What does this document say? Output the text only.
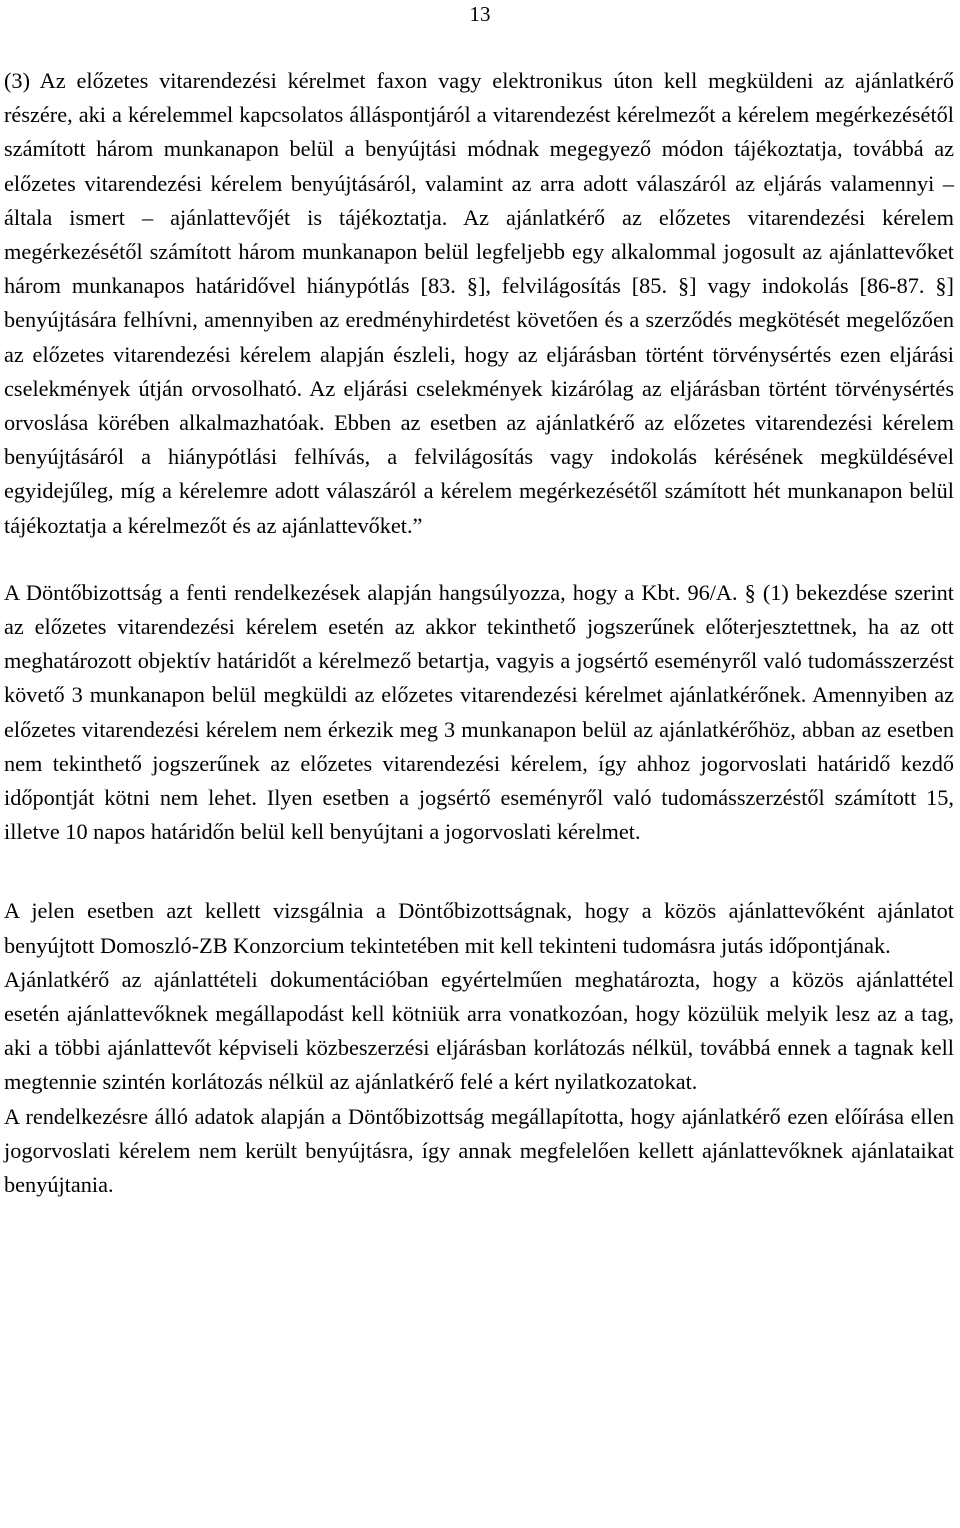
13

(3) Az előzetes vitarendezési kérelmet faxon vagy elektronikus úton kell megküldeni az ajánlatkérő részére, aki a kérelemmel kapcsolatos álláspontjáról a vitarendezést kérelmezőt a kérelem megérkezésétől számított három munkanapon belül a benyújtási módnak megegyező módon tájékoztatja, továbbá az előzetes vitarendezési kérelem benyújtásáról, valamint az arra adott válaszáról az eljárás valamennyi – általa ismert – ajánlattevőjét is tájékoztatja. Az ajánlatkérő az előzetes vitarendezési kérelem megérkezésétől számított három munkanapon belül legfeljebb egy alkalommal jogosult az ajánlattevőket három munkanapos határidővel hiánypótlás [83. §], felvilágosítás [85. §] vagy indokolás [86-87. §] benyújtására felhívni, amennyiben az eredményhirdetést követően és a szerződés megkötését megelőzően az előzetes vitarendezési kérelem alapján észleli, hogy az eljárásban történt törvénysértés ezen eljárási cselekmények útján orvosolható. Az eljárási cselekmények kizárólag az eljárásban történt törvénysértés orvoslása körében alkalmazhatóak. Ebben az esetben az ajánlatkérő az előzetes vitarendezési kérelem benyújtásáról a hiánypótlási felhívás, a felvilágosítás vagy indokolás kérésének megküldésével egyidejűleg, míg a kérelemre adott válaszáról a kérelem megérkezésétől számított hét munkanapon belül tájékoztatja a kérelmezőt és az ajánlattevőket.”

A Döntőbizottság a fenti rendelkezések alapján hangsúlyozza, hogy a Kbt. 96/A. § (1) bekezdése szerint az előzetes vitarendezési kérelem esetén az akkor tekinthető jogszerűnek előterjesztettnek, ha az ott meghatározott objektív határidőt a kérelmező betartja, vagyis a jogsértő eseményről való tudomásszerzést követő 3 munkanapon belül megküldi az előzetes vitarendezési kérelmet ajánlatkérőnek. Amennyiben az előzetes vitarendezési kérelem nem érkezik meg 3 munkanapon belül az ajánlatkérőhöz, abban az esetben nem tekinthető jogszerűnek az előzetes vitarendezési kérelem, így ahhoz jogorvoslati határidő kezdő időpontját kötni nem lehet. Ilyen esetben a jogsértő eseményről való tudomásszerzéstől számított 15, illetve 10 napos határidőn belül kell benyújtani a jogorvoslati kérelmet.

A jelen esetben azt kellett vizsgálnia a Döntőbizottságnak, hogy a közös ajánlattevőként ajánlatot benyújtott Domoszló-ZB Konzorcium tekintetében mit kell tekinteni tudomásra jutás időpontjának.

Ajánlatkérő az ajánlattételi dokumentációban egyértelműen meghatározta, hogy a közös ajánlattétel esetén ajánlattevőknek megállapodást kell kötniük arra vonatkozóan, hogy közülük melyik lesz az a tag, aki a többi ajánlattevőt képviseli közbeszerzési eljárásban korlátozás nélkül, továbbá ennek a tagnak kell megtennie szintén korlátozás nélkül az ajánlatkérő felé a kért nyilatkozatokat.

A rendelkezésre álló adatok alapján a Döntőbizottság megállapította, hogy ajánlatkérő ezen előírása ellen jogorvoslati kérelem nem került benyújtásra, így annak megfelelően kellett ajánlattevőknek ajánlataikat benyújtania.
